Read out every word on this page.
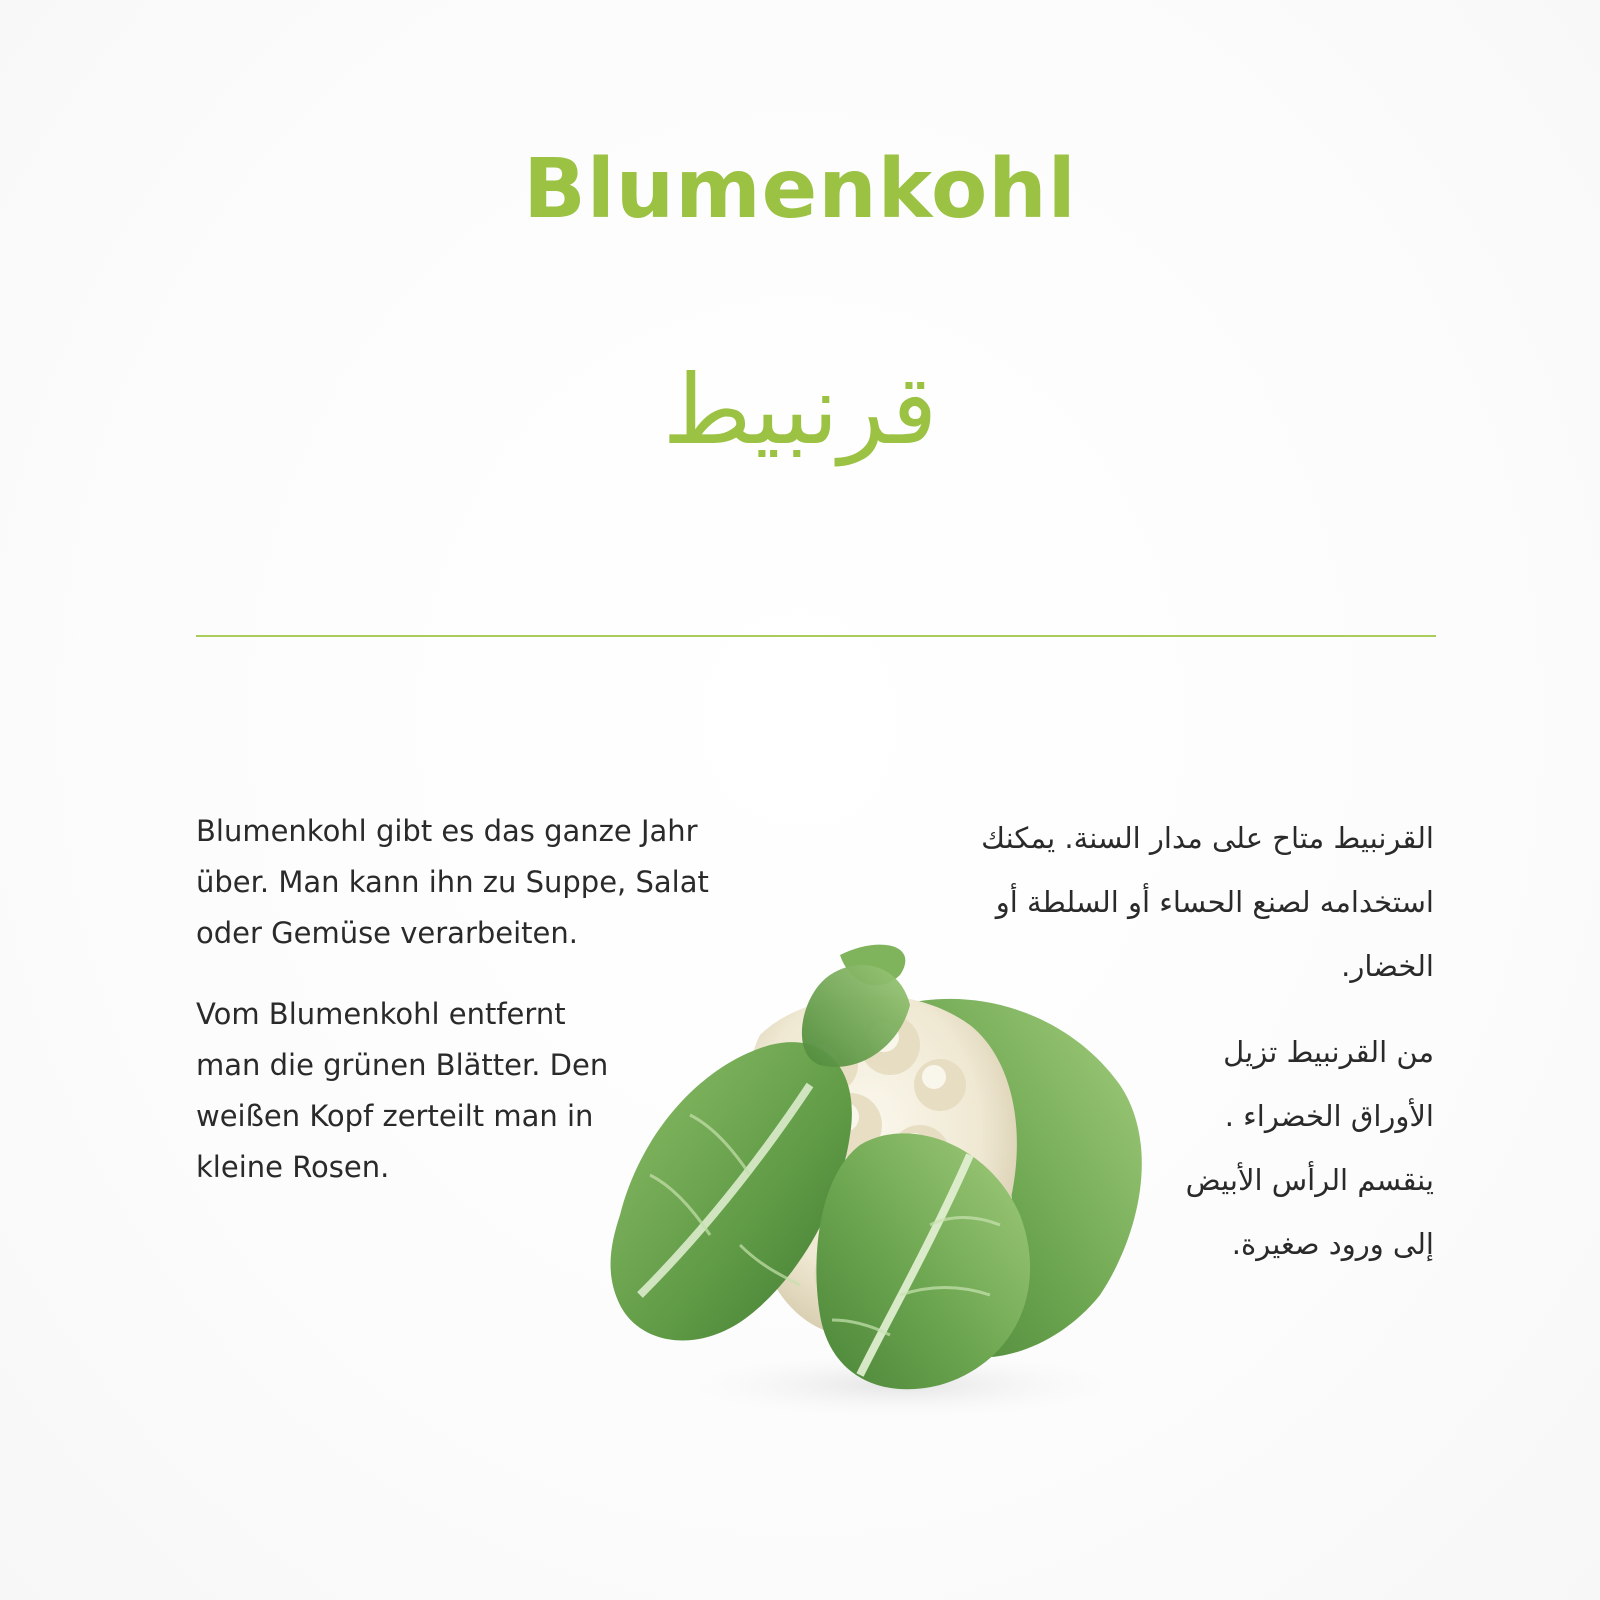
Blumenkohl
قرنبيط

Blumenkohl gibt es das ganze Jahr über. Man kann ihn zu Suppe, Salat oder Gemüse verarbeiten.

Vom Blumenkohl entfernt man die grünen Blätter. Den weißen Kopf zerteilt man in kleine Rosen.

القرنبيط متاح على مدار السنة. يمكنك استخدامه لصنع الحساء أو السلطة أو الخضار.

من القرنبيط تزيل الأوراق الخضراء . ينقسم الرأس الأبيض إلى ورود صغيرة.
